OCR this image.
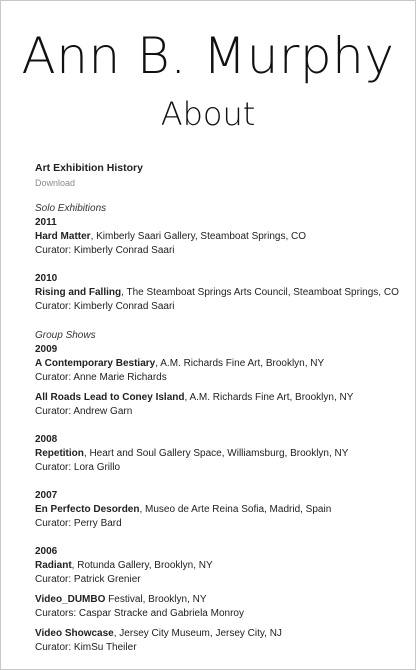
Ann B. Murphy
About
Art Exhibition History
Download
Solo Exhibitions
2011

Hard Matter, Kimberly Saari Gallery, Steamboat Springs, CO

Curator: Kimberly Conrad Saari

2010

Rising and Falling, The Steamboat Springs Arts Council, Steamboat Springs, CO

Curator: Kimberly Conrad Saari

Group Shows
2009

A Contemporary Bestiary, A.M. Richards Fine Art, Brooklyn, NY

Curator: Anne Marie Richards

All Roads Lead to Coney Island, A.M. Richards Fine Art, Brooklyn, NY

Curator: Andrew Garn

2008

Repetition, Heart and Soul Gallery Space, Williamsburg, Brooklyn, NY

Curator: Lora Grillo

2007

En Perfecto Desorden, Museo de Arte Reina Sofia, Madrid, Spain

Curator: Perry Bard

2006

Radiant, Rotunda Gallery, Brooklyn, NY

Curator: Patrick Grenier

Video_DUMBO Festival, Brooklyn, NY

Curators: Caspar Stracke and Gabriela Monroy

Video Showcase, Jersey City Museum, Jersey City, NJ

Curator: KimSu Theiler
